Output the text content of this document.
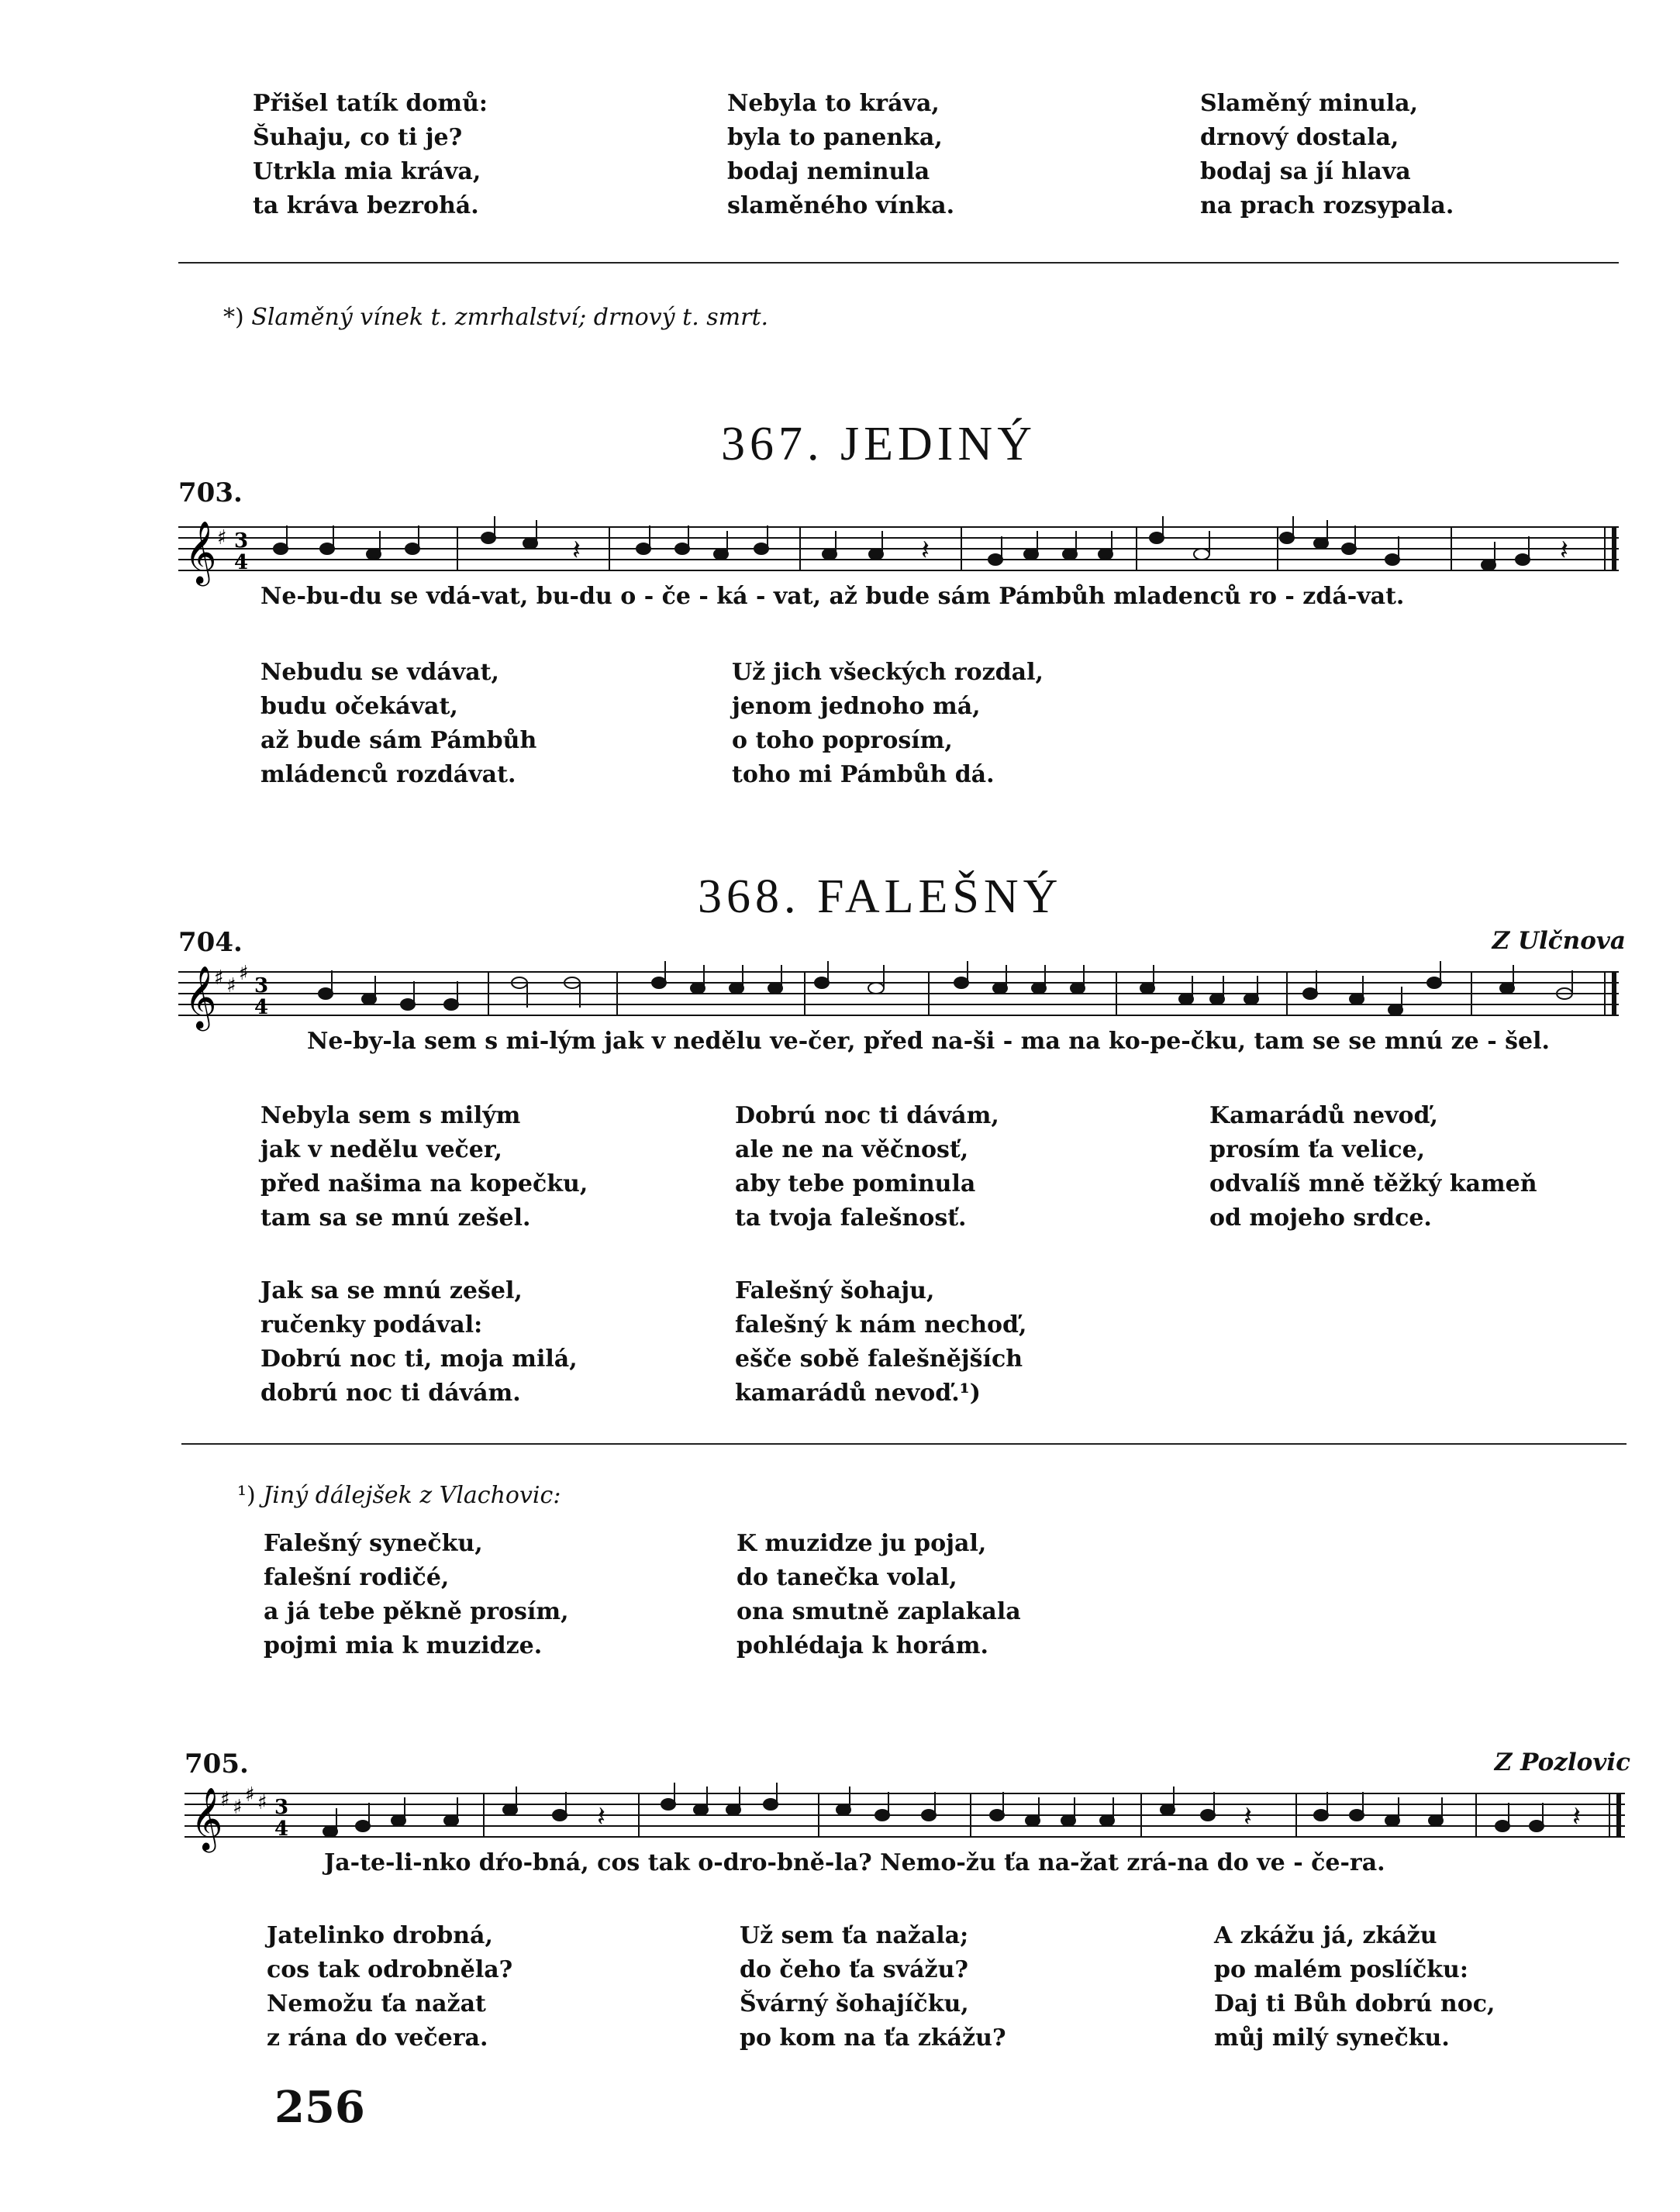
Přišel tatík domů:
Šuhaju, co ti je?
Utrkla mia kráva,
ta kráva bezrohá.
Nebyla to kráva,
byla to panenka,
bodaj neminula
slaměného vínka.
Slaměný minula,
drnový dostala,
bodaj sa jí hlava
na prach rozsypala.
*) Slaměný vínek t. zmrhalství; drnový t. smrt.
367. JEDINÝ
703.
𝄞 ♯ 3
4	𝄽	𝄽	𝄽
Ne-bu-du se vdá-vat, bu-du o - če - ká - vat, až bude sám Pámbůh mladenců ro - zdá-vat.
Nebudu se vdávat,
budu očekávat,
až bude sám Pámbůh
mládenců rozdávat.
Už jich všeckých rozdal,
jenom jednoho má,
o toho poprosím,
toho mi Pámbůh dá.
368. FALEŠNÝ
704.	Z Ulčnova
𝄞
♯ ♯
♯
3
4
Ne-by-la sem s mi-lým jak v nedělu ve-čer, před na-ši - ma na ko-pe-čku, tam se se mnú ze - šel.
Nebyla sem s milým
jak v nedělu večer,
před našima na kopečku,
tam sa se mnú zešel.
Dobrú noc ti dávám,
ale ne na věčnosť,
aby tebe pominula
ta tvoja falešnosť.
Kamarádů nevoď,
prosím ťa velice,
odvalíš mně těžký kameň
od mojeho srdce.
Jak sa se mnú zešel,
ručenky podával:
Dobrú noc ti, moja milá,
dobrú noc ti dávám.
Falešný šohaju,
falešný k nám nechoď,
ešče sobě falešnějších
kamarádů nevoď.¹)
¹) Jiný dálejšek z Vlachovic:
Falešný synečku,
falešní rodičé,
a já tebe pěkně prosím,
pojmi mia k muzidze.
K muzidze ju pojal,
do tanečka volal,
ona smutně zaplakala
pohlédaja k horám.
705.	Z Pozlovic
𝄞
♯ ♯
♯ ♯ 3
4	𝄽	𝄽	𝄽
Ja-te-li-nko dŕo-bná, cos tak o-dro-bně-la? Nemo-žu ťa na-žat zrá-na do ve - če-ra.
Jatelinko drobná,
cos tak odrobněla?
Nemožu ťa nažat
z rána do večera.
Už sem ťa nažala;
do čeho ťa svážu?
Švárný šohajíčku,
po kom na ťa zkážu?
A zkážu já, zkážu
po malém poslíčku:
Daj ti Bůh dobrú noc,
můj milý synečku.
256
